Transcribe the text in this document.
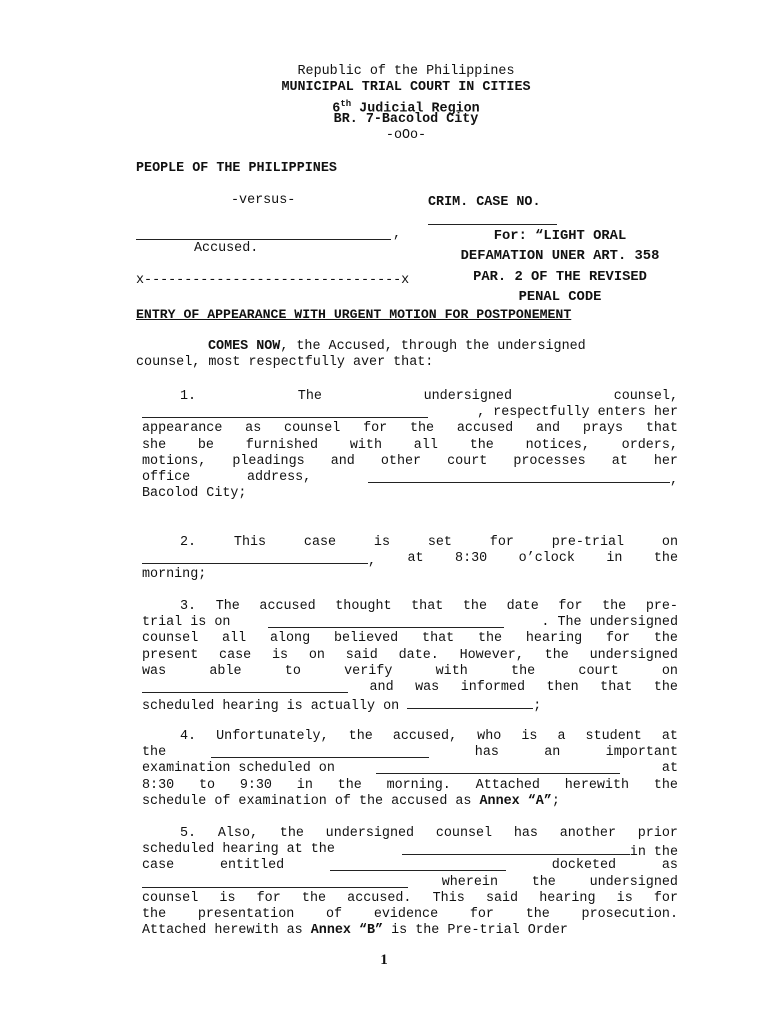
Republic of the Philippines
MUNICIPAL TRIAL COURT IN CITIES
6th Judicial Region
BR. 7-Bacolod City
-oOo-
PEOPLE OF THE PHILIPPINES
-versus-	CRIM. CASE NO.
,
Accused.
x--------------------------------x
For: “LIGHT ORAL
DEFAMATION UNER ART. 358
PAR. 2 OF THE REVISED
PENAL CODE
ENTRY OF APPEARANCE WITH URGENT MOTION FOR POSTPONEMENT
COMES NOW, the Accused, through the undersigned
counsel, most respectfully aver that:
1.	The	undersigned	counsel,
, respectfully enters her
appearance as counsel for the accused and prays that
she be furnished with all the notices, orders,
motions, pleadings and other court processes at her
office	address,	,
Bacolod City;
2.	This	case	is	set	for	pre-trial	on
, at 8:30 o’clock in the
morning;
3. The accused thought that the date for the pre-
trial is on	. The undersigned
counsel all along believed that the hearing for the
present case is on said date. However, the undersigned
was	able	to	verify	with	the	court	on
and was informed then that the
scheduled hearing is actually on	;
4. Unfortunately, the accused, who is a student at
the	has	an	important
examination scheduled on	at
8:30 to 9:30 in the morning. Attached herewith the
schedule of examination of the accused as Annex “A”;
5. Also, the undersigned counsel has another prior
scheduled hearing at the	in the
case	entitled	docketed	as
wherein	the	undersigned
counsel is for the accused. This said hearing is for
the presentation of evidence for the prosecution.
Attached herewith as Annex “B” is the Pre-trial Order
1
